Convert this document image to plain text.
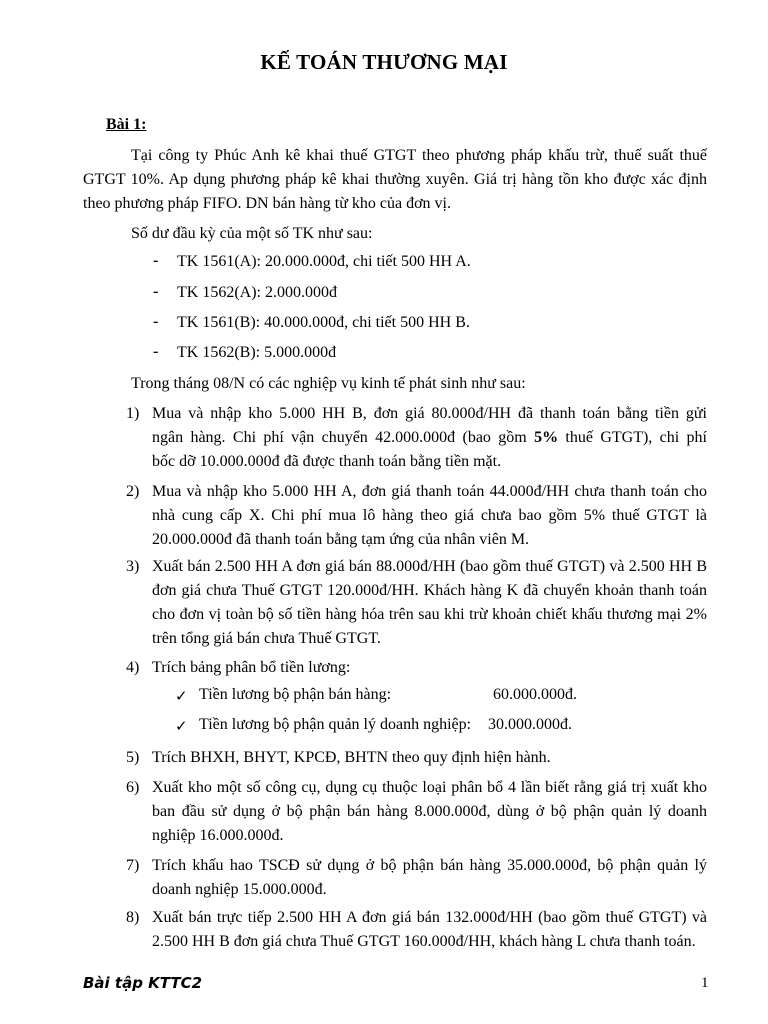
KẾ TOÁN THƯƠNG MẠI
Bài 1:
Tại công ty Phúc Anh kê khai thuế GTGT theo phương pháp khấu trừ, thuế suất thuế GTGT 10%. Ap dụng phương pháp kê khai thường xuyên. Giá trị hàng tồn kho được xác định theo phương pháp FIFO. DN bán hàng từ kho của đơn vị.
Số dư đầu kỳ của một số TK như sau:
- TK 1561(A): 20.000.000đ, chi tiết 500 HH A.
- TK 1562(A): 2.000.000đ
- TK 1561(B): 40.000.000đ, chi tiết 500 HH B.
- TK 1562(B): 5.000.000đ
Trong tháng 08/N có các nghiệp vụ kinh tế phát sinh như sau:
1) Mua và nhập kho 5.000 HH B, đơn giá 80.000đ/HH đã thanh toán bằng tiền gửi
ngân hàng. Chi phí vận chuyển 42.000.000đ (bao gồm 5% thuế GTGT), chi phí
bốc dỡ 10.000.000đ đã được thanh toán bằng tiền mặt.
2) Mua và nhập kho 5.000 HH A, đơn giá thanh toán 44.000đ/HH chưa thanh toán cho nhà cung cấp X. Chi phí mua lô hàng theo giá chưa bao gồm 5% thuế GTGT là 20.000.000đ đã thanh toán bằng tạm ứng của nhân viên M.
3) Xuất bán 2.500 HH A đơn giá bán 88.000đ/HH (bao gồm thuế GTGT) và 2.500 HH B đơn giá chưa Thuế GTGT 120.000đ/HH. Khách hàng K đã chuyển khoản thanh toán cho đơn vị toàn bộ số tiền hàng hóa trên sau khi trừ khoản chiết khấu thương mại 2% trên tổng giá bán chưa Thuế GTGT.
4) Trích bảng phân bổ tiền lương:
✓ Tiền lương bộ phận bán hàng:	60.000.000đ.
✓ Tiền lương bộ phận quản lý doanh nghiệp: 30.000.000đ.
5) Trích BHXH, BHYT, KPCĐ, BHTN theo quy định hiện hành.
6) Xuất kho một số công cụ, dụng cụ thuộc loại phân bổ 4 lần biết rằng giá trị xuất kho ban đầu sử dụng ở bộ phận bán hàng 8.000.000đ, dùng ở bộ phận quản lý doanh nghiệp 16.000.000đ.
7) Trích khấu hao TSCĐ sử dụng ở bộ phận bán hàng 35.000.000đ, bộ phận quản lý doanh nghiệp 15.000.000đ.
8) Xuất bán trực tiếp 2.500 HH A đơn giá bán 132.000đ/HH (bao gồm thuế GTGT) và 2.500 HH B đơn giá chưa Thuế GTGT 160.000đ/HH, khách hàng L chưa thanh toán.
Bài tập KTTC2	1
